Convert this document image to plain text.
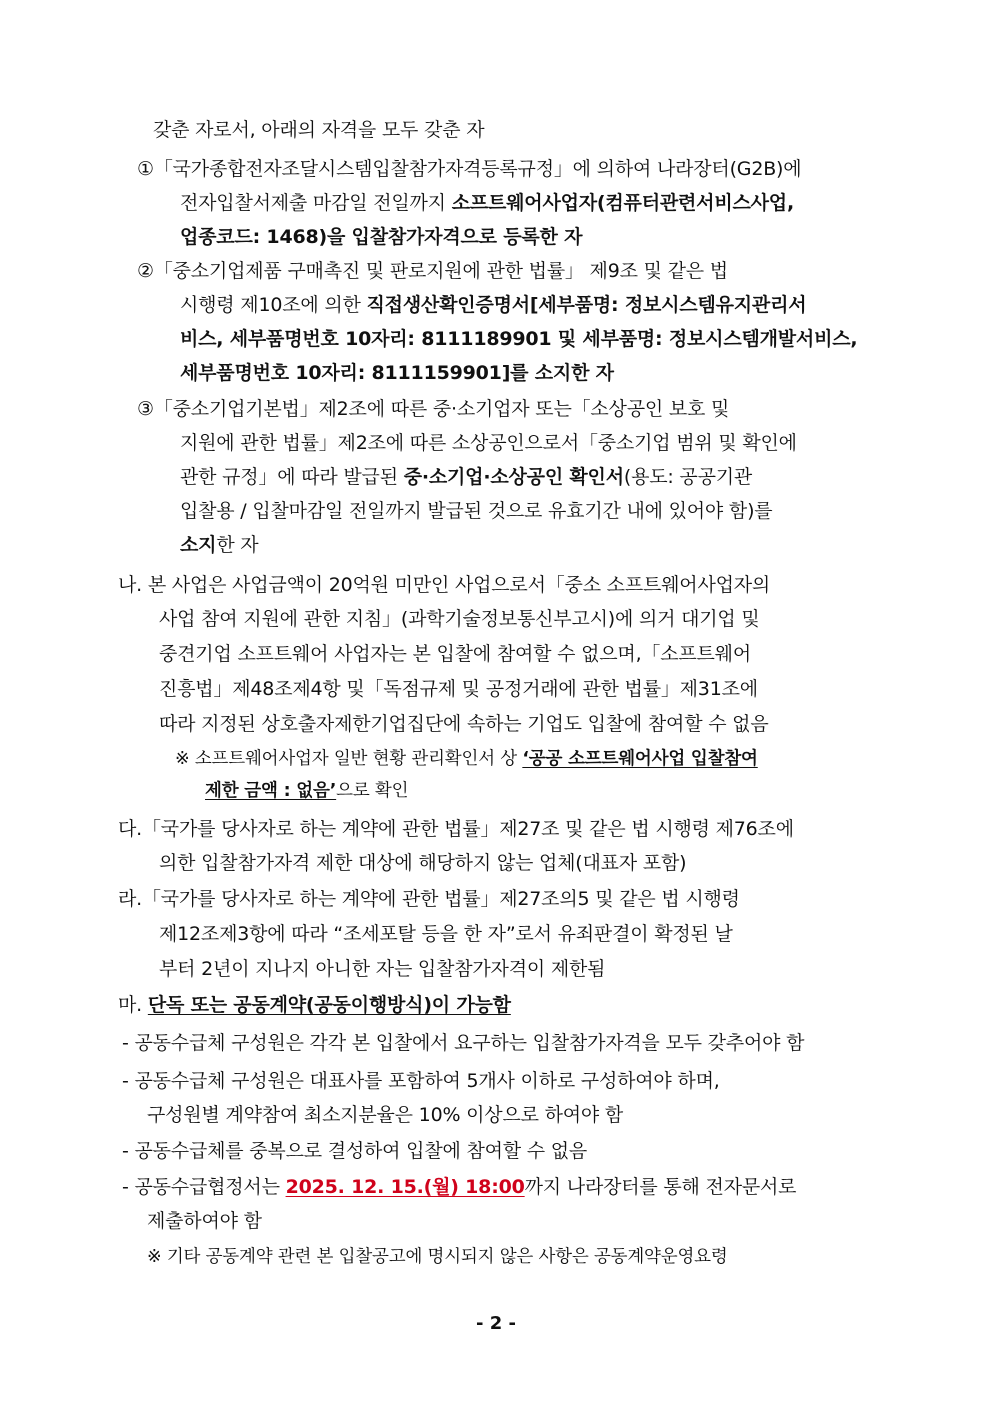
갖춘 자로서, 아래의 자격을 모두 갖춘 자
①「국가종합전자조달시스템입찰참가자격등록규정」에 의하여 나라장터(G2B)에
전자입찰서제출 마감일 전일까지 소프트웨어사업자(컴퓨터관련서비스사업,
업종코드: 1468)을 입찰참가자격으로 등록한 자
②「중소기업제품 구매촉진 및 판로지원에 관한 법률」 제9조 및 같은 법
시행령 제10조에 의한 직접생산확인증명서[세부품명: 정보시스템유지관리서
비스, 세부품명번호 10자리: 8111189901 및 세부품명: 정보시스템개발서비스,
세부품명번호 10자리: 8111159901]를 소지한 자
③「중소기업기본법」제2조에 따른 중·소기업자 또는「소상공인 보호 및
지원에 관한 법률」제2조에 따른 소상공인으로서「중소기업 범위 및 확인에
관한 규정」에 따라 발급된 중·소기업·소상공인 확인서(용도: 공공기관
입찰용 / 입찰마감일 전일까지 발급된 것으로 유효기간 내에 있어야 함)를
소지한 자
나. 본 사업은 사업금액이 20억원 미만인 사업으로서「중소 소프트웨어사업자의
사업 참여 지원에 관한 지침」(과학기술정보통신부고시)에 의거 대기업 및
중견기업 소프트웨어 사업자는 본 입찰에 참여할 수 없으며,「소프트웨어
진흥법」제48조제4항 및「독점규제 및 공정거래에 관한 법률」제31조에
따라 지정된 상호출자제한기업집단에 속하는 기업도 입찰에 참여할 수 없음
※ 소프트웨어사업자 일반 현황 관리확인서 상 ‘공공 소프트웨어사업 입찰참여
제한 금액 : 없음’으로 확인
다.「국가를 당사자로 하는 계약에 관한 법률」제27조 및 같은 법 시행령 제76조에
의한 입찰참가자격 제한 대상에 해당하지 않는 업체(대표자 포함)
라.「국가를 당사자로 하는 계약에 관한 법률」제27조의5 및 같은 법 시행령
제12조제3항에 따라 “조세포탈 등을 한 자”로서 유죄판결이 확정된 날
부터 2년이 지나지 아니한 자는 입찰참가자격이 제한됨
마. 단독 또는 공동계약(공동이행방식)이 가능함
- 공동수급체 구성원은 각각 본 입찰에서 요구하는 입찰참가자격을 모두 갖추어야 함
- 공동수급체 구성원은 대표사를 포함하여 5개사 이하로 구성하여야 하며,
구성원별 계약참여 최소지분율은 10% 이상으로 하여야 함
- 공동수급체를 중복으로 결성하여 입찰에 참여할 수 없음
- 공동수급협정서는 2025. 12. 15.(월) 18:00까지 나라장터를 통해 전자문서로
제출하여야 함
※ 기타 공동계약 관련 본 입찰공고에 명시되지 않은 사항은 공동계약운영요령
- 2 -
